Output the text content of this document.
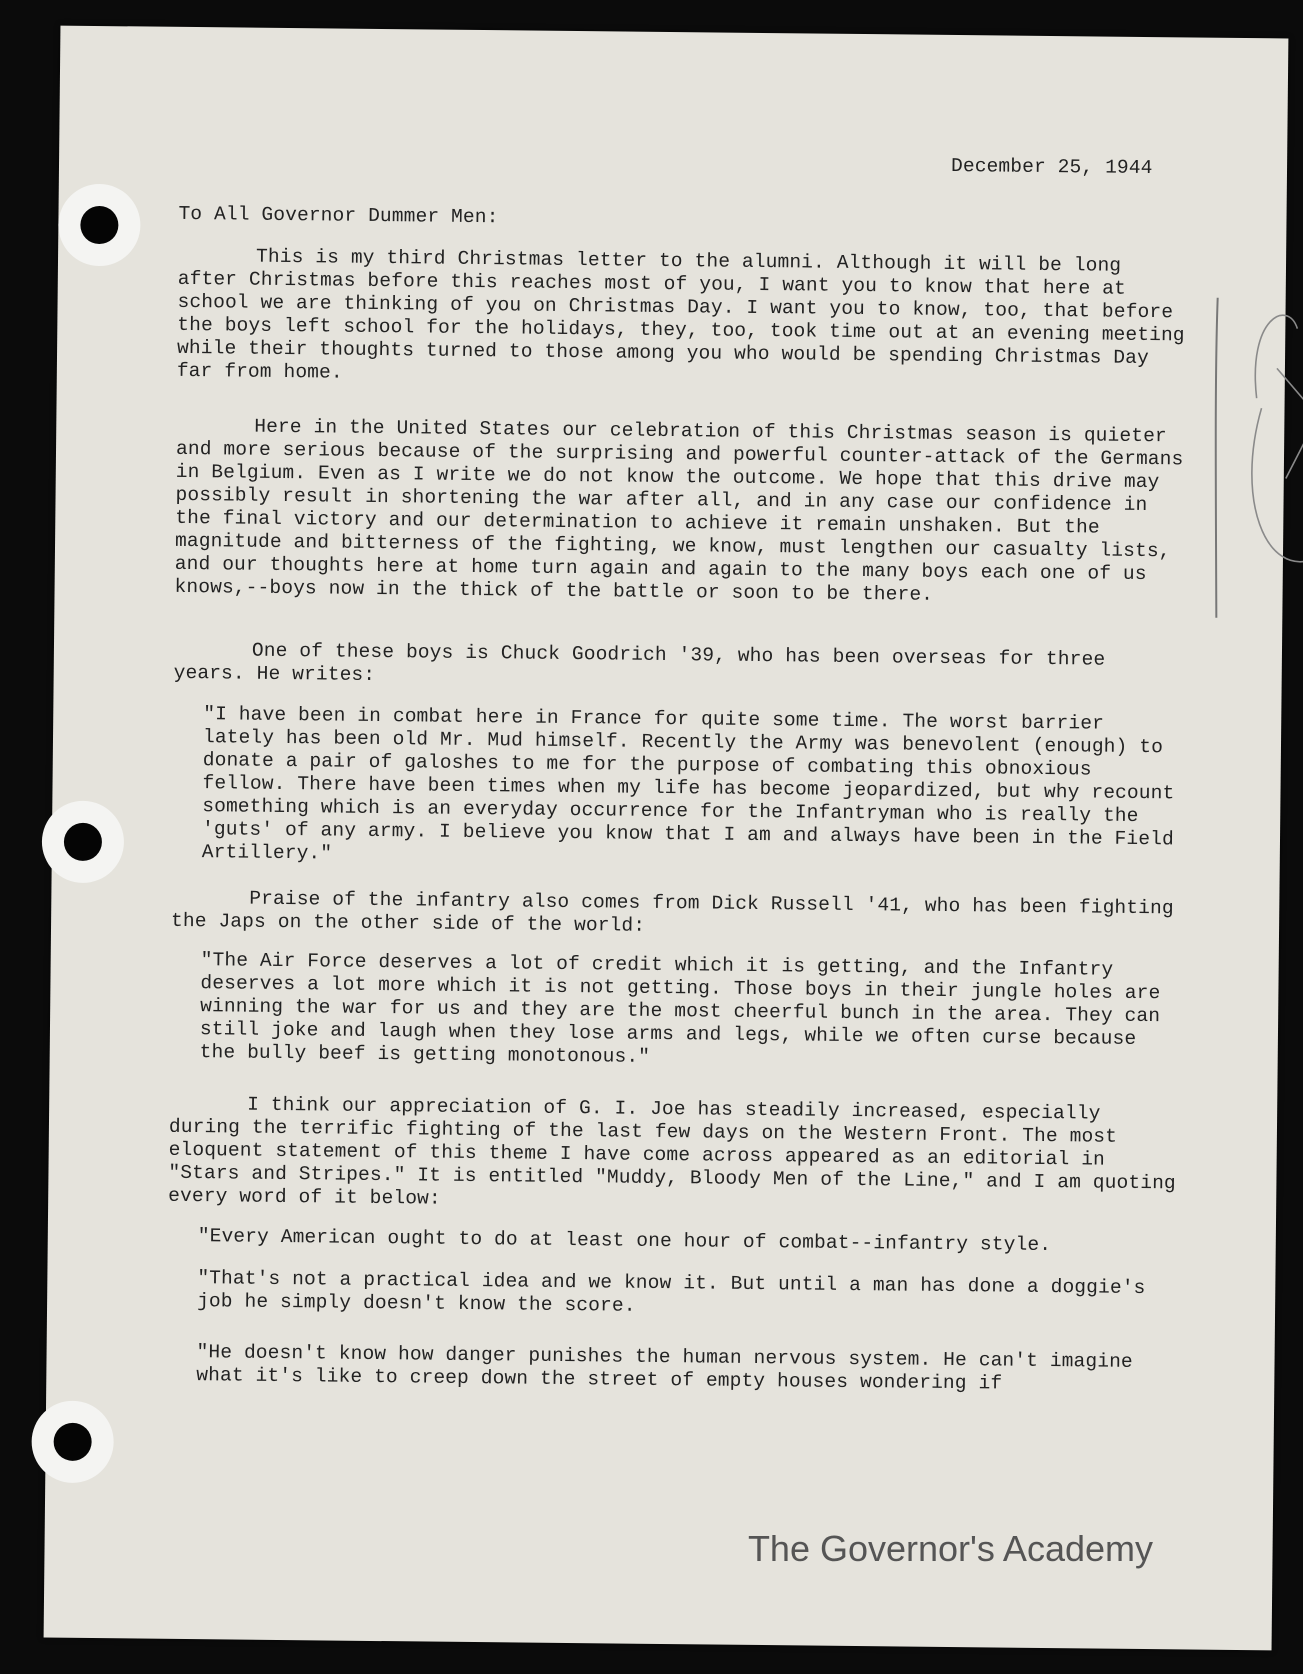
December 25, 1944
To All Governor Dummer Men:
This is my third Christmas letter to the alumni. Although it will be long after Christmas before this reaches most of you, I want you to know that here at school we are thinking of you on Christmas Day. I want you to know, too, that before the boys left school for the holidays, they, too, took time out at an evening meeting while their thoughts turned to those among you who would be spending Christmas Day far from home.
Here in the United States our celebration of this Christmas season is quieter and more serious because of the surprising and powerful counter-attack of the Germans in Belgium. Even as I write we do not know the outcome. We hope that this drive may possibly result in shortening the war after all, and in any case our confidence in the final victory and our determination to achieve it remain unshaken. But the magnitude and bitterness of the fighting, we know, must lengthen our casualty lists, and our thoughts here at home turn again and again to the many boys each one of us knows,--boys now in the thick of the battle or soon to be there.
One of these boys is Chuck Goodrich '39, who has been overseas for three years. He writes:
"I have been in combat here in France for quite some time. The worst barrier lately has been old Mr. Mud himself. Recently the Army was benevolent (enough) to donate a pair of galoshes to me for the purpose of combating this obnoxious fellow. There have been times when my life has become jeopardized, but why recount something which is an everyday occurrence for the Infantryman who is really the 'guts' of any army. I believe you know that I am and always have been in the Field Artillery."
Praise of the infantry also comes from Dick Russell '41, who has been fighting the Japs on the other side of the world:
"The Air Force deserves a lot of credit which it is getting, and the Infantry deserves a lot more which it is not getting. Those boys in their jungle holes are winning the war for us and they are the most cheerful bunch in the area. They can still joke and laugh when they lose arms and legs, while we often curse because the bully beef is getting monotonous."
I think our appreciation of G. I. Joe has steadily increased, especially during the terrific fighting of the last few days on the Western Front. The most eloquent statement of this theme I have come across appeared as an editorial in "Stars and Stripes." It is entitled "Muddy, Bloody Men of the Line," and I am quoting every word of it below:
"Every American ought to do at least one hour of combat--infantry style.
"That's not a practical idea and we know it. But until a man has done a doggie's job he simply doesn't know the score.
"He doesn't know how danger punishes the human nervous system. He can't imagine what it's like to creep down the street of empty houses wondering if
The Governor's Academy
